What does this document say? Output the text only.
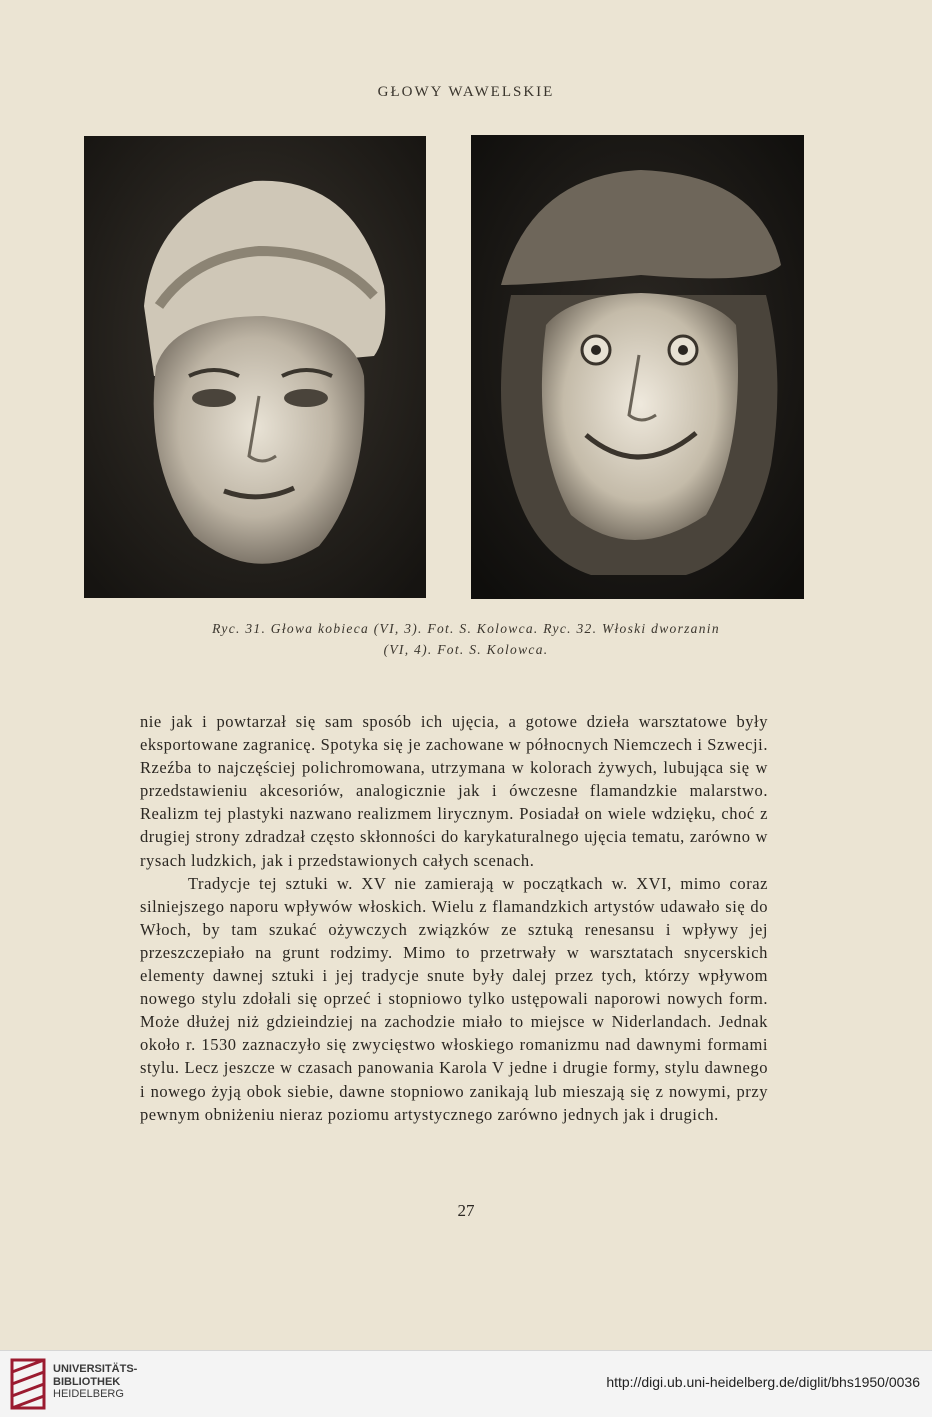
GŁOWY WAWELSKIE
Ryc. 31. Głowa kobieca (VI, 3). Fot. S. Kolowca. Ryc. 32. Włoski dworzanin
(VI, 4). Fot. S. Kolowca.

nie jak i powtarzał się sam sposób ich ujęcia, a gotowe dzieła warsztatowe były eksportowane zagranicę. Spotyka się je zachowane w północnych Niemczech i Szwecji. Rzeźba to najczęściej polichromowana, utrzymana w kolorach żywych, lubująca się w przedstawieniu akcesoriów, analogicznie jak i ówczesne flamandzkie malarstwo. Realizm tej plastyki nazwano realizmem lirycznym. Posiadał on wiele wdzięku, choć z drugiej strony zdradzał często skłonności do karykaturalnego ujęcia tematu, zarówno w rysach ludzkich, jak i przedstawionych całych scenach.

Tradycje tej sztuki w. XV nie zamierają w początkach w. XVI, mimo coraz silniejszego naporu wpływów włoskich. Wielu z flamandzkich artystów udawało się do Włoch, by tam szukać ożywczych związków ze sztuką renesansu i wpływy jej przeszczepiało na grunt rodzimy. Mimo to przetrwały w warsztatach snycerskich elementy dawnej sztuki i jej tradycje snute były dalej przez tych, którzy wpływom nowego stylu zdołali się oprzeć i stopniowo tylko ustępowali naporowi nowych form. Może dłużej niż gdzieindziej na zachodzie miało to miejsce w Niderlandach. Jednak około r. 1530 zaznaczyło się zwycięstwo włoskiego romanizmu nad dawnymi formami stylu. Lecz jeszcze w czasach panowania Karola V jedne i drugie formy, stylu dawnego i nowego żyją obok siebie, dawne stopniowo zanikają lub mieszają się z nowymi, przy pewnym obniżeniu nieraz poziomu artystycznego zarówno jednych jak i drugich.

27
UNIVERSITÄTS-
BIBLIOTHEK
HEIDELBERG
http://digi.ub.uni-heidelberg.de/diglit/bhs1950/0036
